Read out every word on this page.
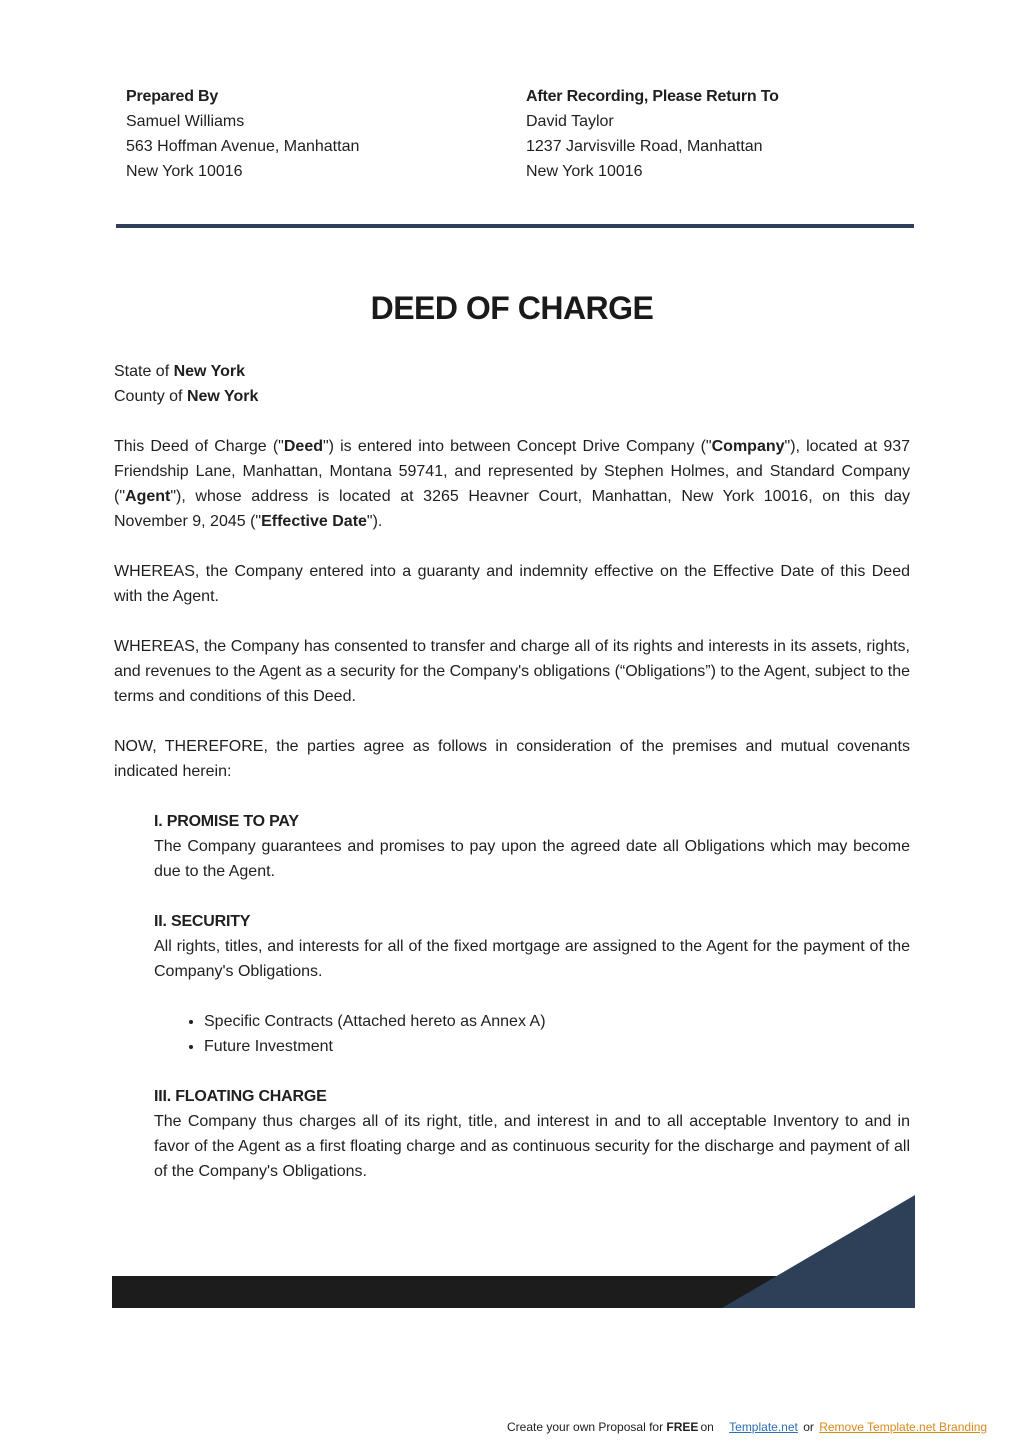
Prepared By
Samuel Williams
563 Hoffman Avenue, Manhattan
New York 10016
After Recording, Please Return To
David Taylor
1237 Jarvisville Road, Manhattan
New York 10016
DEED OF CHARGE

State of New York

County of New York

This Deed of Charge ("Deed") is entered into between Concept Drive Company ("Company"), located at 937 Friendship Lane, Manhattan, Montana 59741, and represented by Stephen Holmes, and Standard Company ("Agent"), whose address is located at 3265 Heavner Court, Manhattan, New York 10016, on this day November 9, 2045 ("Effective Date").

WHEREAS, the Company entered into a guaranty and indemnity effective on the Effective Date of this Deed with the Agent.

WHEREAS, the Company has consented to transfer and charge all of its rights and interests in its assets, rights, and revenues to the Agent as a security for the Company's obligations (“Obligations”) to the Agent, subject to the terms and conditions of this Deed.

NOW, THEREFORE, the parties agree as follows in consideration of the premises and mutual covenants indicated herein:

I. PROMISE TO PAY

The Company guarantees and promises to pay upon the agreed date all Obligations which may become due to the Agent.

II. SECURITY

All rights, titles, and interests for all of the fixed mortgage are assigned to the Agent for the payment of the Company's Obligations.

• Specific Contracts (Attached hereto as Annex A)
• Future Investment
III. FLOATING CHARGE

The Company thus charges all of its right, title, and interest in and to all acceptable Inventory to and in favor of the Agent as a first floating charge and as continuous security for the discharge and payment of all of the Company's Obligations.

Create your own Proposal for FREE on Template.net or Remove Template.net Branding
